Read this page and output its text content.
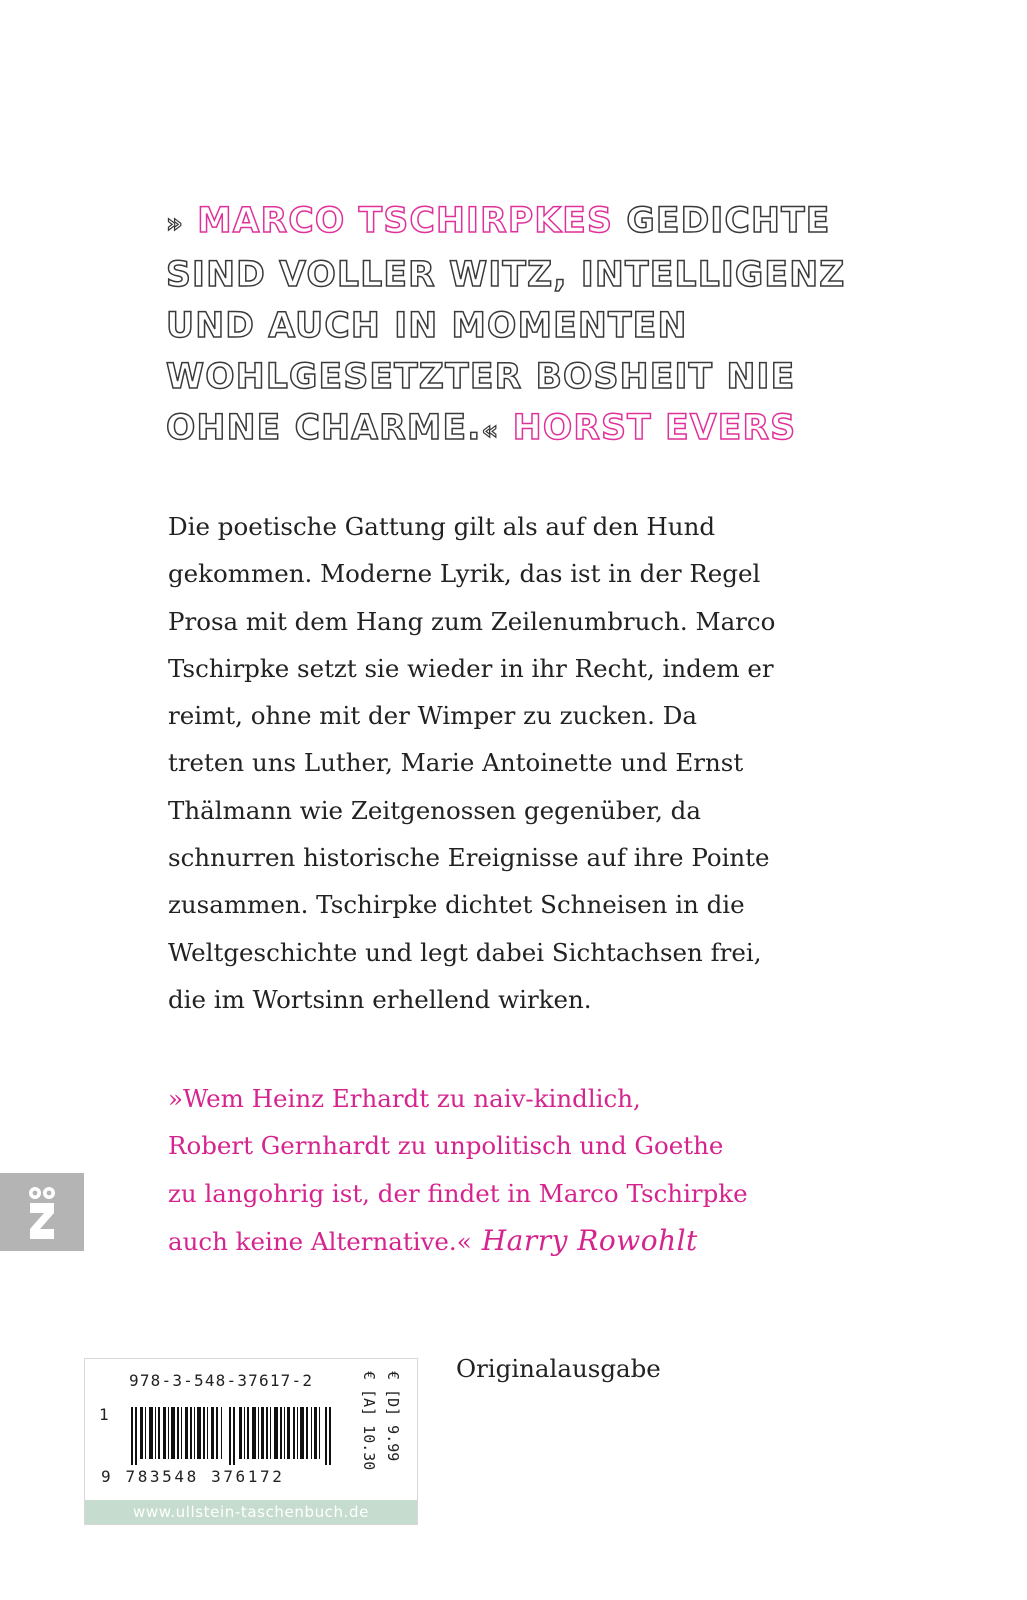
» MARCO TSCHIRPKES GEDICHTE
SIND VOLLER WITZ, INTELLIGENZ
UND AUCH IN MOMENTEN
WOHLGESETZTER BOSHEIT NIE
OHNE CHARME.« HORST EVERS
Die poetische Gattung gilt als auf den Hund
gekommen. Moderne Lyrik, das ist in der Regel
Prosa mit dem Hang zum Zeilenumbruch. Marco
Tschirpke setzt sie wieder in ihr Recht, indem er
reimt, ohne mit der Wimper zu zucken. Da
treten uns Luther, Marie Antoinette und Ernst
Thälmann wie Zeitgenossen gegenüber, da
schnurren historische Ereignisse auf ihre Pointe
zusammen. Tschirpke dichtet Schneisen in die
Weltgeschichte und legt dabei Sichtachsen frei,
die im Wortsinn erhellend wirken.
»Wem Heinz Erhardt zu naiv-kindlich,
Robert Gernhardt zu unpolitisch und Goethe
zu langohrig ist, der findet in Marco Tschirpke
auch keine Alternative.« Harry Rowohlt
978-3-548-37617-2
1
9 783548 376172
€ [D] 9.99
€ [A] 10.30
www.ullstein-taschenbuch.de
Originalausgabe
